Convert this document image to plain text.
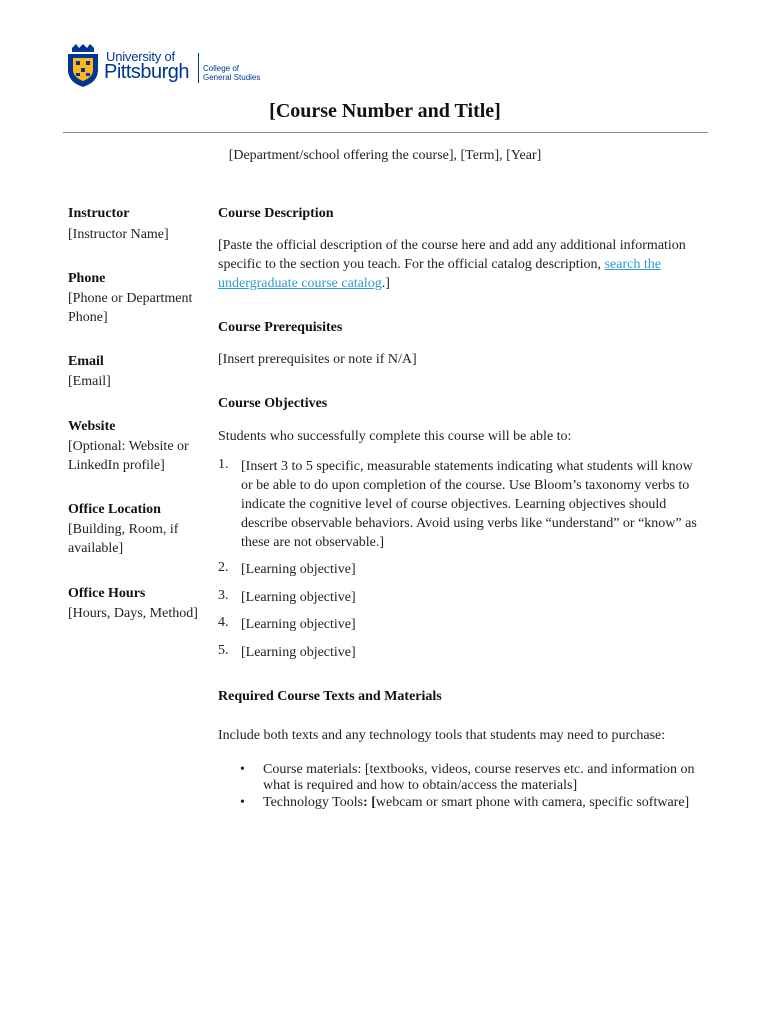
University of
Pittsburgh College of
General Studies
[Course Number and Title]
[Department/school offering the course], [Term], [Year]
Instructor
[Instructor Name]
Phone
[Phone or Department Phone]
Email
[Email]
Website
[Optional: Website or LinkedIn profile]
Office Location
[Building, Room, if available]
Office Hours
[Hours, Days, Method]
Course Description
[Paste the official description of the course here and add any additional information specific to the section you teach. For the official catalog description, search the undergraduate course catalog.]
Course Prerequisites
[Insert prerequisites or note if N/A]
Course Objectives
Students who successfully complete this course will be able to:
1. [Insert 3 to 5 specific, measurable statements indicating what students will know or be able to do upon completion of the course. Use Bloom’s taxonomy verbs to indicate the cognitive level of course objectives. Learning objectives should describe observable behaviors. Avoid using verbs like “understand” or “know” as these are not observable.]
2. [Learning objective]
3. [Learning objective]
4. [Learning objective]
5. [Learning objective]
Required Course Texts and Materials
Include both texts and any technology tools that students may need to purchase:
• Course materials: [textbooks, videos, course reserves etc. and information on what is required and how to obtain/access the materials]
• Technology Tools: [webcam or smart phone with camera, specific software]
